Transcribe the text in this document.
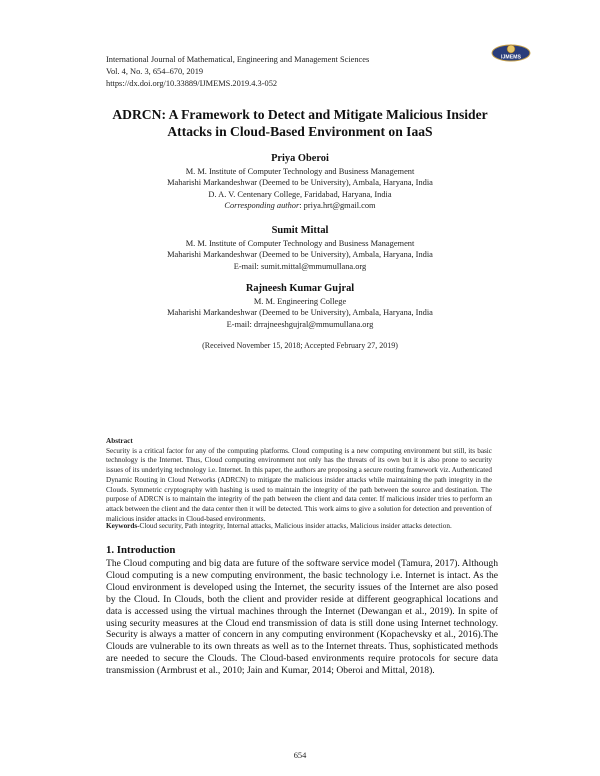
International Journal of Mathematical, Engineering and Management Sciences
Vol. 4, No. 3, 654–670, 2019
https://dx.doi.org/10.33889/IJMEMS.2019.4.3-052
IJMEMS
ADRCN: A Framework to Detect and Mitigate Malicious Insider
Attacks in Cloud-Based Environment on IaaS
Priya Oberoi
M. M. Institute of Computer Technology and Business Management
Maharishi Markandeshwar (Deemed to be University), Ambala, Haryana, India
D. A. V. Centenary College, Faridabad, Haryana, India
Corresponding author: priya.hrt@gmail.com
Sumit Mittal
M. M. Institute of Computer Technology and Business Management
Maharishi Markandeshwar (Deemed to be University), Ambala, Haryana, India
E-mail: sumit.mittal@mmumullana.org
Rajneesh Kumar Gujral
M. M. Engineering College
Maharishi Markandeshwar (Deemed to be University), Ambala, Haryana, India
E-mail: drrajneeshgujral@mmumullana.org
(Received November 15, 2018; Accepted February 27, 2019)
Abstract
Security is a critical factor for any of the computing platforms. Cloud computing is a new computing environment but still, its basic technology is the Internet. Thus, Cloud computing environment not only has the threats of its own but it is also prone to security issues of its underlying technology i.e. Internet. In this paper, the authors are proposing a secure routing framework viz. Authenticated Dynamic Routing in Cloud Networks (ADRCN) to mitigate the malicious insider attacks while maintaining the path integrity in the Clouds. Symmetric cryptography with hashing is used to maintain the integrity of the path between the source and destination. The purpose of ADRCN is to maintain the integrity of the path between the client and data center. If malicious insider tries to perform an attack between the client and the data center then it will be detected. This work aims to give a solution for detection and prevention of malicious insider attacks in Cloud-based environments.
Keywords-Cloud security, Path integrity, Internal attacks, Malicious insider attacks, Malicious insider attacks detection.
1. Introduction
The Cloud computing and big data are future of the software service model (Tamura, 2017). Although Cloud computing is a new computing environment, the basic technology i.e. Internet is intact. As the Cloud environment is developed using the Internet, the security issues of the Internet are also posed by the Cloud. In Clouds, both the client and provider reside at different geographical locations and data is accessed using the virtual machines through the Internet (Dewangan et al., 2019). In spite of using security measures at the Cloud end transmission of data is still done using Internet technology. Security is always a matter of concern in any computing environment (Kopachevsky et al., 2016).The Clouds are vulnerable to its own threats as well as to the Internet threats. Thus, sophisticated methods are needed to secure the Clouds. The Cloud-based environments require protocols for secure data transmission (Armbrust et al., 2010; Jain and Kumar, 2014; Oberoi and Mittal, 2018).
654
